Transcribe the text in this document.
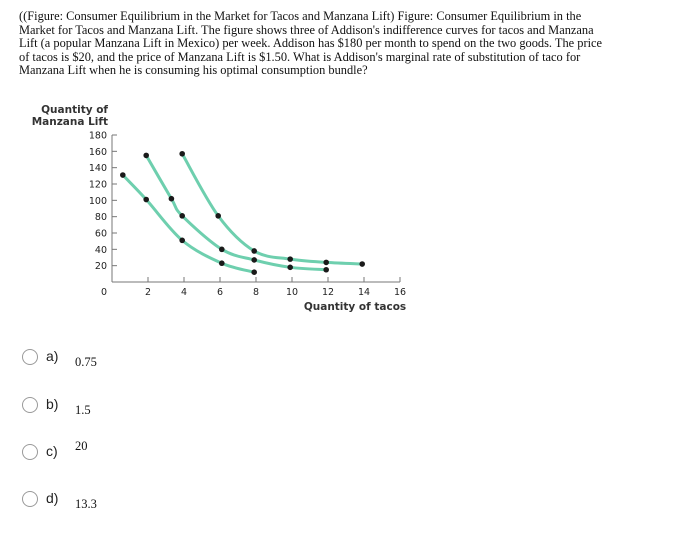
((Figure: Consumer Equilibrium in the Market for Tacos and Manzana Lift) Figure: Consumer Equilibrium in the Market for Tacos and Manzana Lift. The figure shows three of Addison's indifference curves for tacos and Manzana Lift (a popular Manzana Lift in Mexico) per week. Addison has $180 per month to spend on the two goods. The price of tacos is $20, and the price of Manzana Lift is $1.50. What is Addison's marginal rate of substitution of taco for Manzana Lift when he is consuming his optimal consumption bundle?
Quantity of
Manzana Lift
Quantity of tacos
20
40
60
80
100
120
140
160
180
0	2	4	6	8	10	12	14	16
a) 0.75
b) 1.5
c) 20
d) 13.3
